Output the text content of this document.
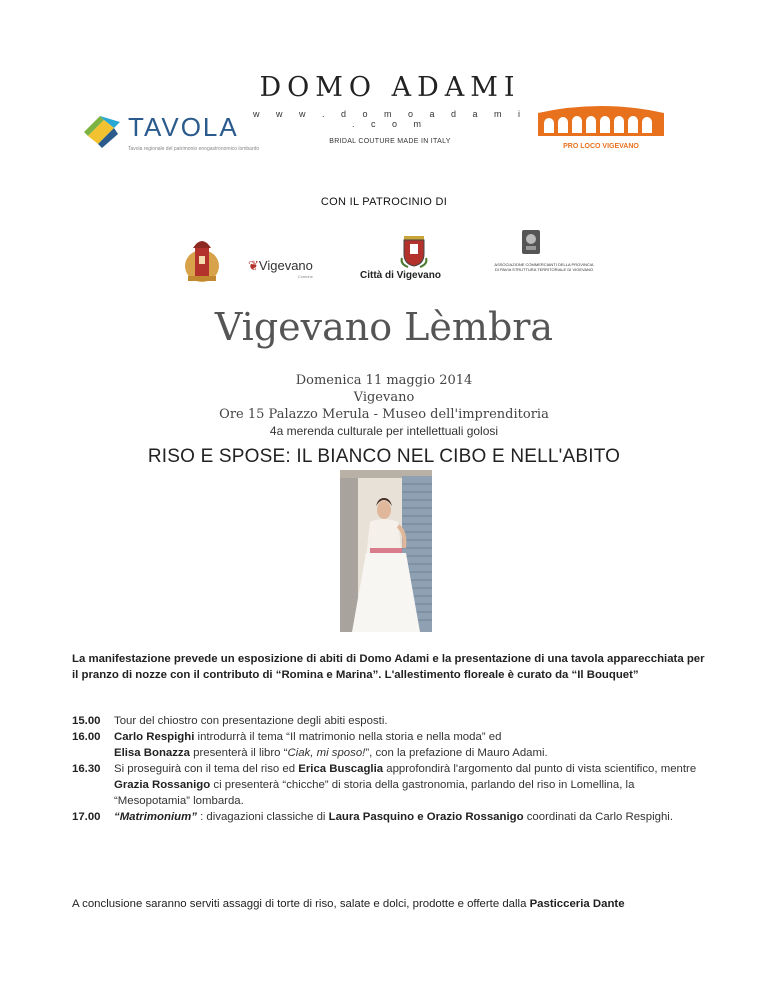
DOMO ADAMI
w w w . d o m o a d a m i . c o m
BRIDAL COUTURE MADE IN ITALY
TAVOLA
Tavola regionale del patrimonio enogastronomico lombardo	PRO LOCO VIGEVANO
CON IL PATROCINIO DI
❦Vigevano
Comune	Città di Vigevano
ASSOCIAZIONE COMMERCIANTI DELLA PROVINCIA DI PAVIA STRUTTURA TERRITORIALE DI VIGEVANO
Vigevano Lèmbra
Domenica 11 maggio 2014
Vigevano
Ore 15 Palazzo Merula - Museo dell'imprenditoria
4a merenda culturale per intellettuali golosi
RISO E SPOSE: IL BIANCO NEL CIBO E NELL'ABITO
La manifestazione prevede un esposizione di abiti di Domo Adami e la presentazione di una tavola apparecchiata per il pranzo di nozze con il contributo di “Romina e Marina”. L'allestimento floreale è curato da “Il Bouquet”
15.00	Tour del chiostro con presentazione degli abiti esposti.
16.00	Carlo Respighi introdurrà il tema “Il matrimonio nella storia e nella moda” ed
Elisa Bonazza presenterà il libro “Ciak, mi sposo!”, con la prefazione di Mauro Adami.
16.30	Si proseguirà con il tema del riso ed Erica Buscaglia approfondirà l'argomento dal punto di vista scientifico, mentre Grazia Rossanigo ci presenterà “chicche” di storia della gastronomia, parlando del riso in Lomellina, la “Mesopotamia” lombarda.
17.00	“Matrimonium” : divagazioni classiche di Laura Pasquino e Orazio Rossanigo coordinati da Carlo Respighi.
A conclusione saranno serviti assaggi di torte di riso, salate e dolci, prodotte e offerte dalla Pasticceria Dante
